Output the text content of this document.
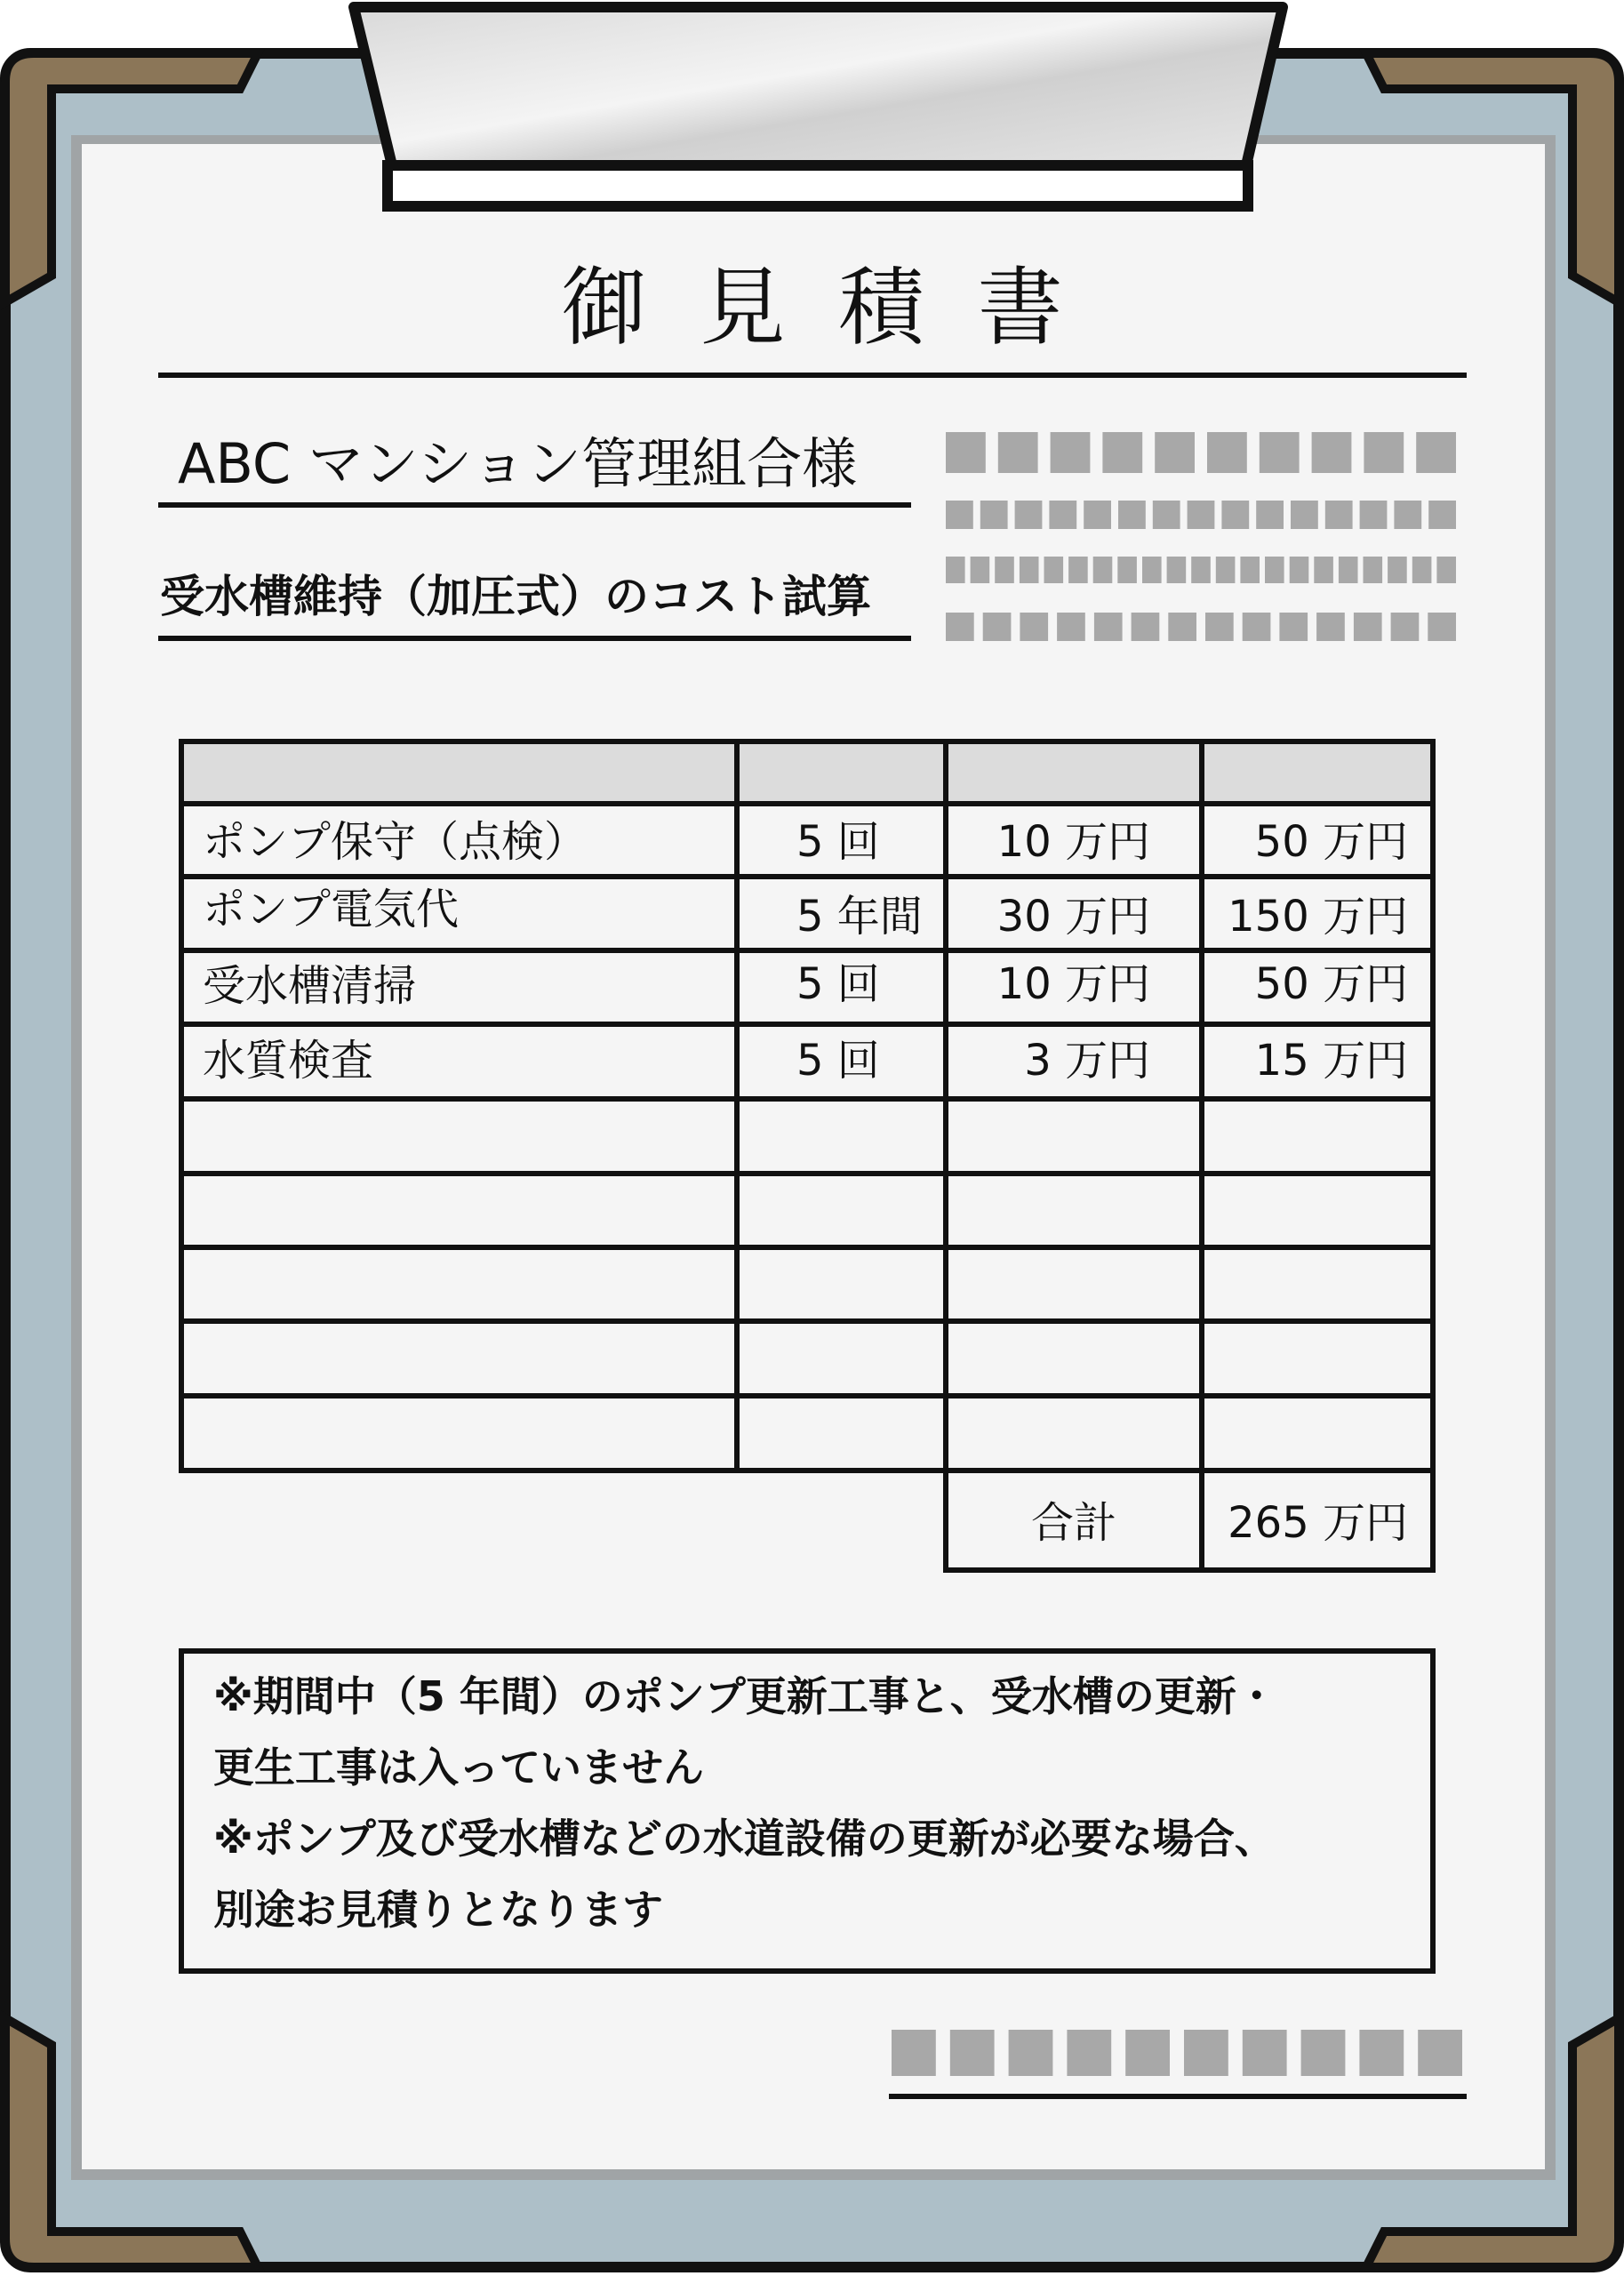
御見積書
ABC マンション管理組合様
受水槽維持（加圧式）のコスト試算
ポンプ保守（点検）	5 回	10 万円	50 万円
ポンプ電気代	5 年間	30 万円	150 万円
受水槽清掃	5 回	10 万円	50 万円
水質検査	5 回	3 万円	15 万円
合計	265 万円
※期間中（5 年間）のポンプ更新工事と、受水槽の更新・
更生工事は入っていません
※ポンプ及び受水槽などの水道設備の更新が必要な場合、
別途お見積りとなります
